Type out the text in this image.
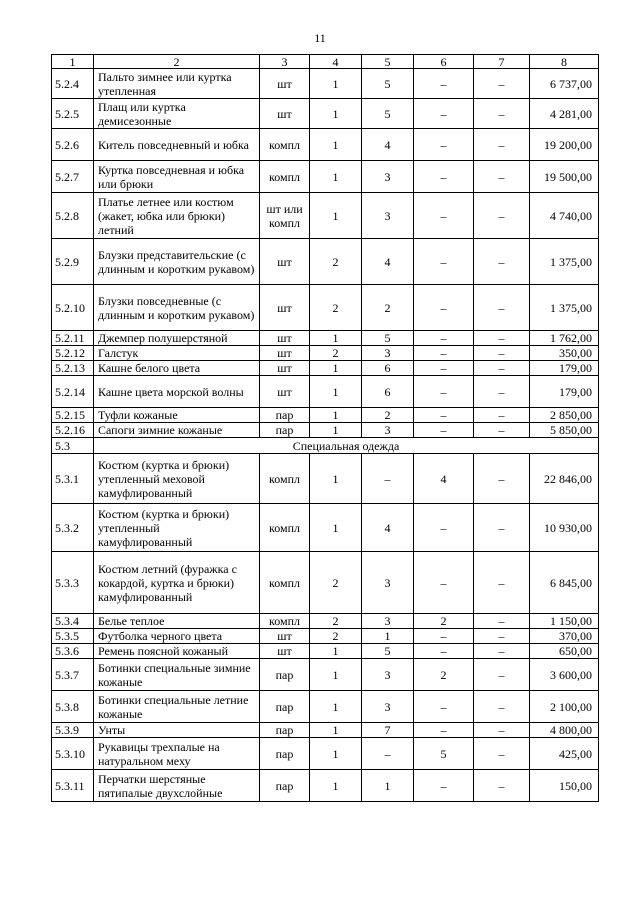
11
1	2	3	4	5	6	7	8
5.2.4	Пальто зимнее или куртка утепленная	шт	1	5	–	–	6 737,00
5.2.5	Плащ или куртка демисезонные	шт	1	5	–	–	4 281,00
5.2.6	Китель повседневный и юбка	компл	1	4	–	–	19 200,00
5.2.7	Куртка повседневная и юбка или брюки	компл	1	3	–	–	19 500,00
5.2.8	Платье летнее или костюм (жакет, юбка или брюки) летний	шт или компл	1	3	–	–	4 740,00
5.2.9	Блузки представительские (с длинным и коротким рукавом)	шт	2	4	–	–	1 375,00
5.2.10	Блузки повседневные (с длинным и коротким рукавом)	шт	2	2	–	–	1 375,00
5.2.11	Джемпер полушерстяной	шт	1	5	–	–	1 762,00
5.2.12	Галстук	шт	2	3	–	–	350,00
5.2.13	Кашне белого цвета	шт	1	6	–	–	179,00
5.2.14	Кашне цвета морской волны	шт	1	6	–	–	179,00
5.2.15	Туфли кожаные	пар	1	2	–	–	2 850,00
5.2.16	Сапоги зимние кожаные	пар	1	3	–	–	5 850,00
5.3	Специальная одежда						
5.3.1	Костюм (куртка и брюки) утепленный меховой камуфлированный	компл	1	–	4	–	22 846,00
5.3.2	Костюм (куртка и брюки) утепленный камуфлированный	компл	1	4	–	–	10 930,00
5.3.3	Костюм летний (фуражка с кокардой, куртка и брюки) камуфлированный	компл	2	3	–	–	6 845,00
5.3.4	Белье теплое	компл	2	3	2	–	1 150,00
5.3.5	Футболка черного цвета	шт	2	1	–	–	370,00
5.3.6	Ремень поясной кожаный	шт	1	5	–	–	650,00
5.3.7	Ботинки специальные зимние кожаные	пар	1	3	2	–	3 600,00
5.3.8	Ботинки специальные летние кожаные	пар	1	3	–	–	2 100,00
5.3.9	Унты	пар	1	7	–	–	4 800,00
5.3.10	Рукавицы трехпалые на натуральном меху	пар	1	–	5	–	425,00
5.3.11	Перчатки шерстяные пятипалые двухслойные	пар	1	1	–	–	150,00
